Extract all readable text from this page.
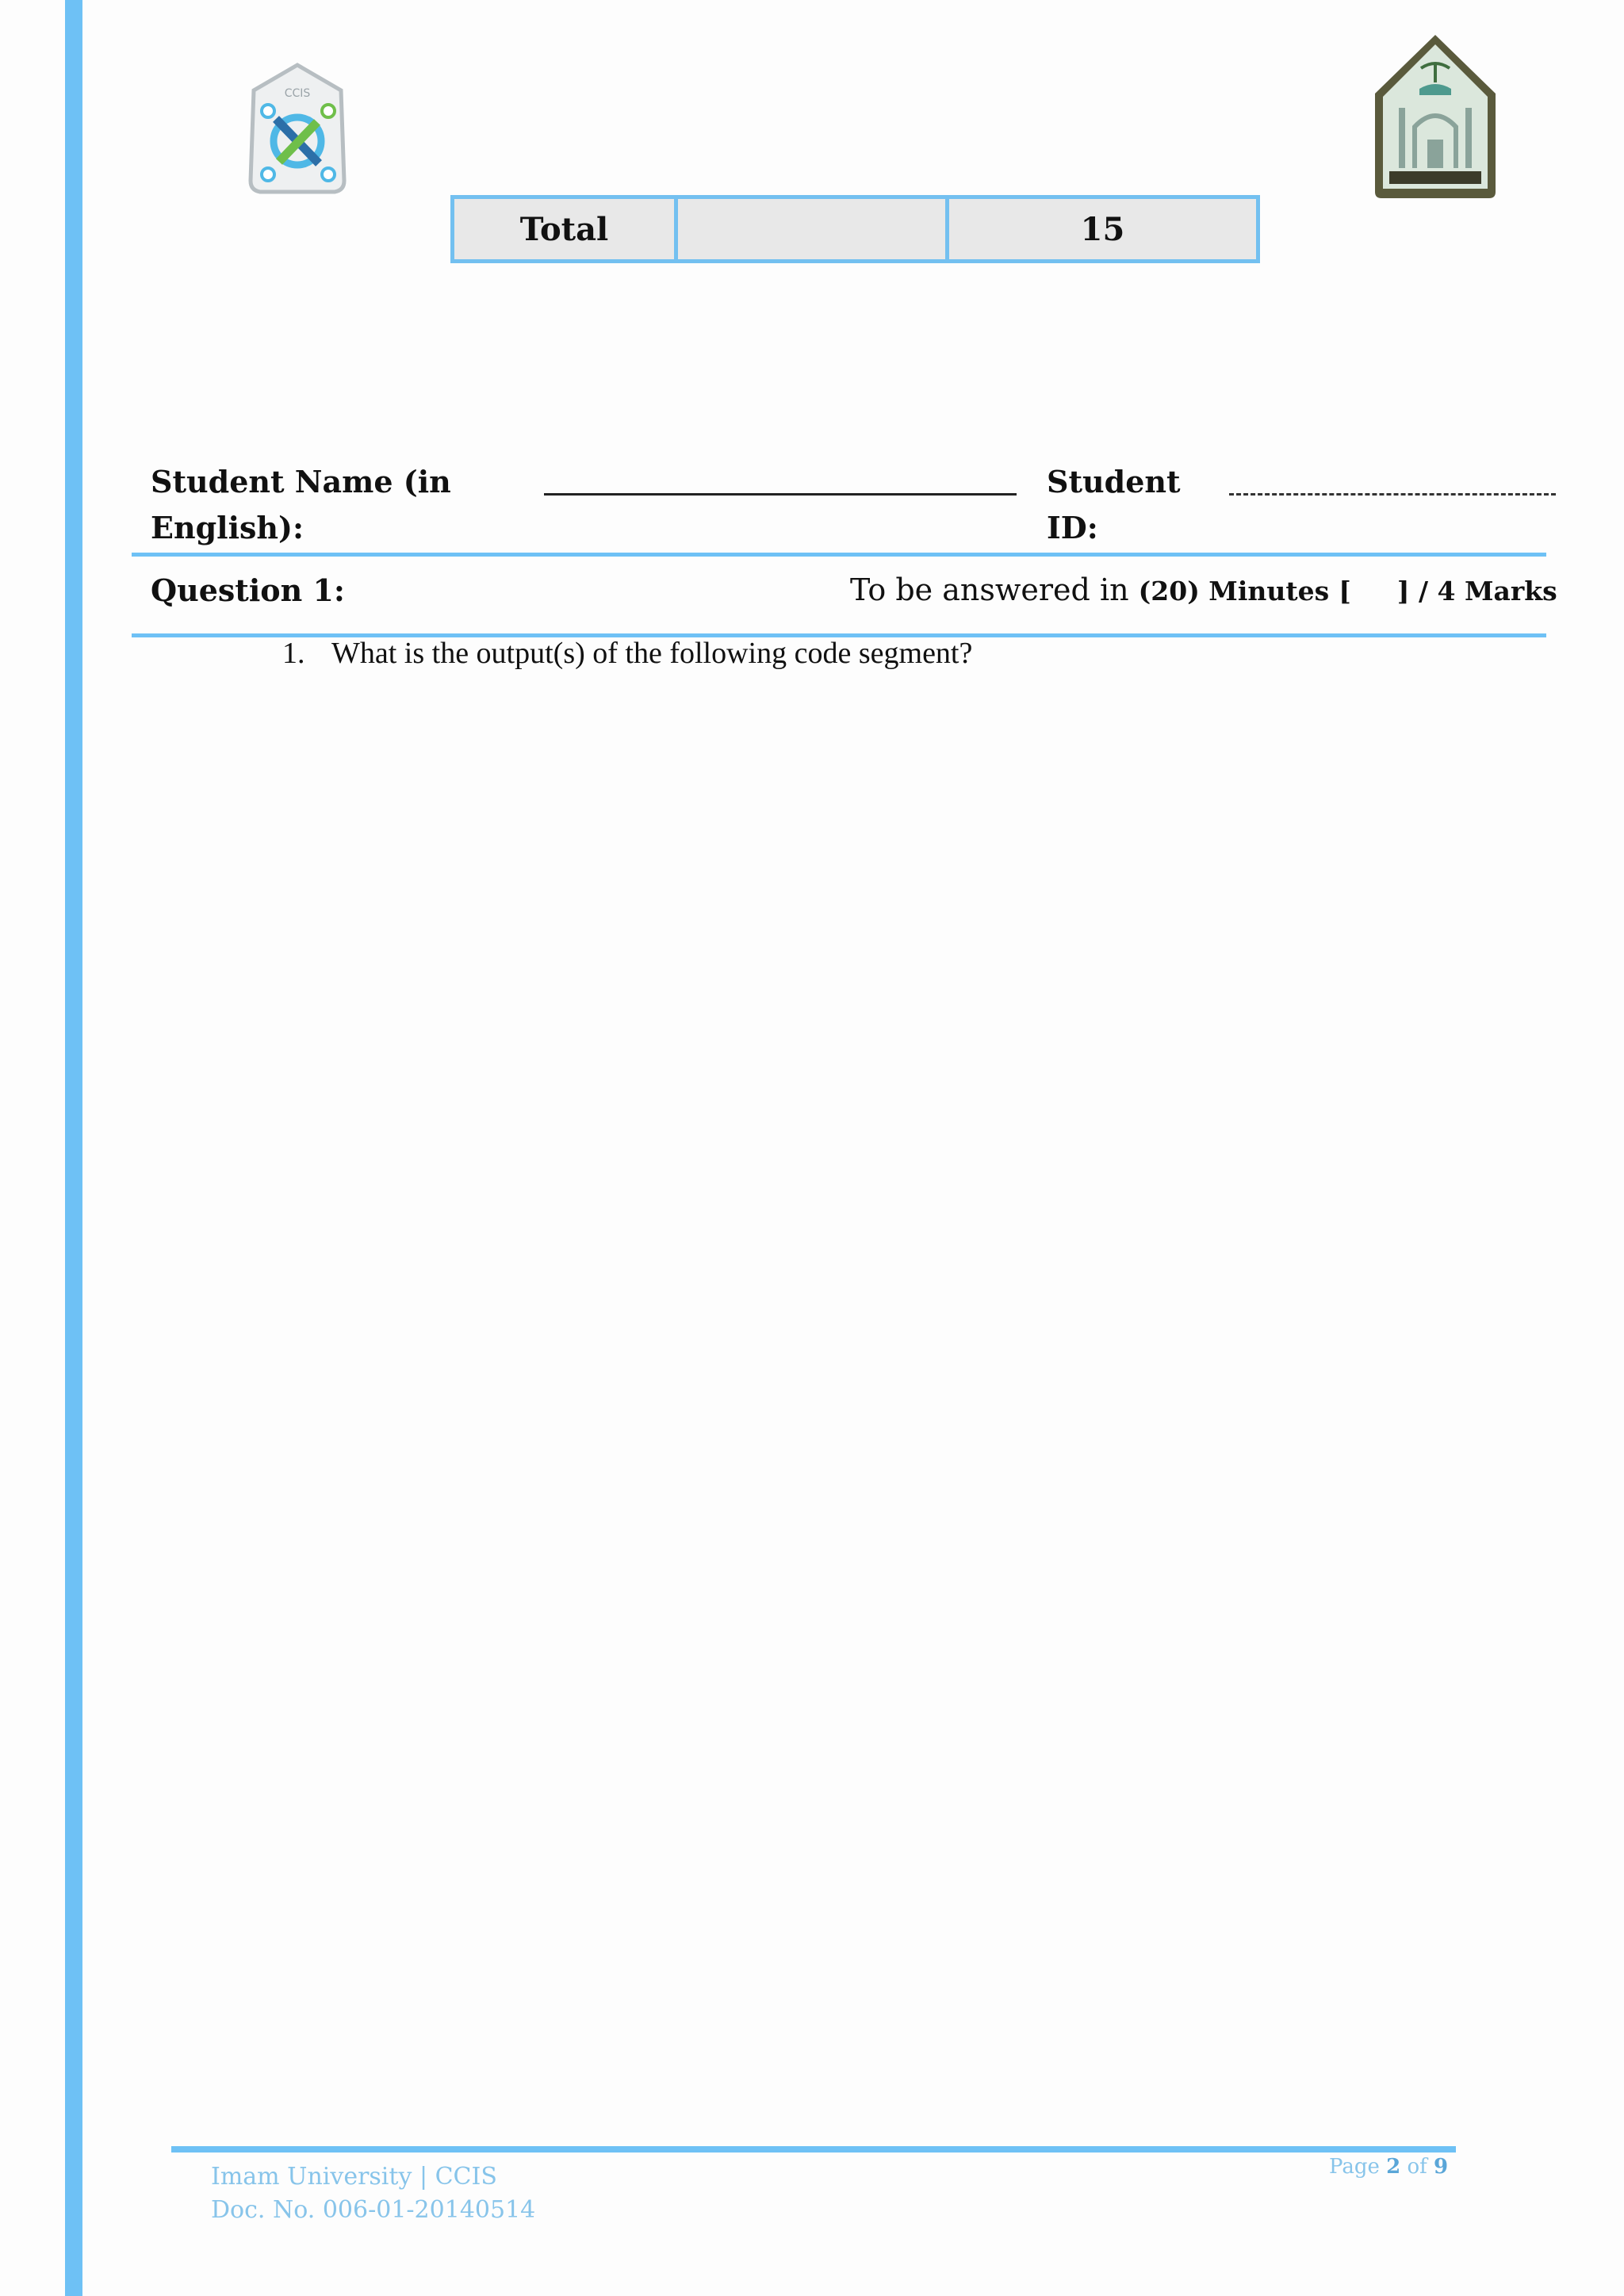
CCIS
Total		15
Student Name (in
English):
Student
ID:
Question 1:	To be answered in (20) Minutes [ ] / 4 Marks
1. What is the output(s) of the following code segment?
Imam University | CCIS
Doc. No. 006-01-20140514
Page 2 of 9
